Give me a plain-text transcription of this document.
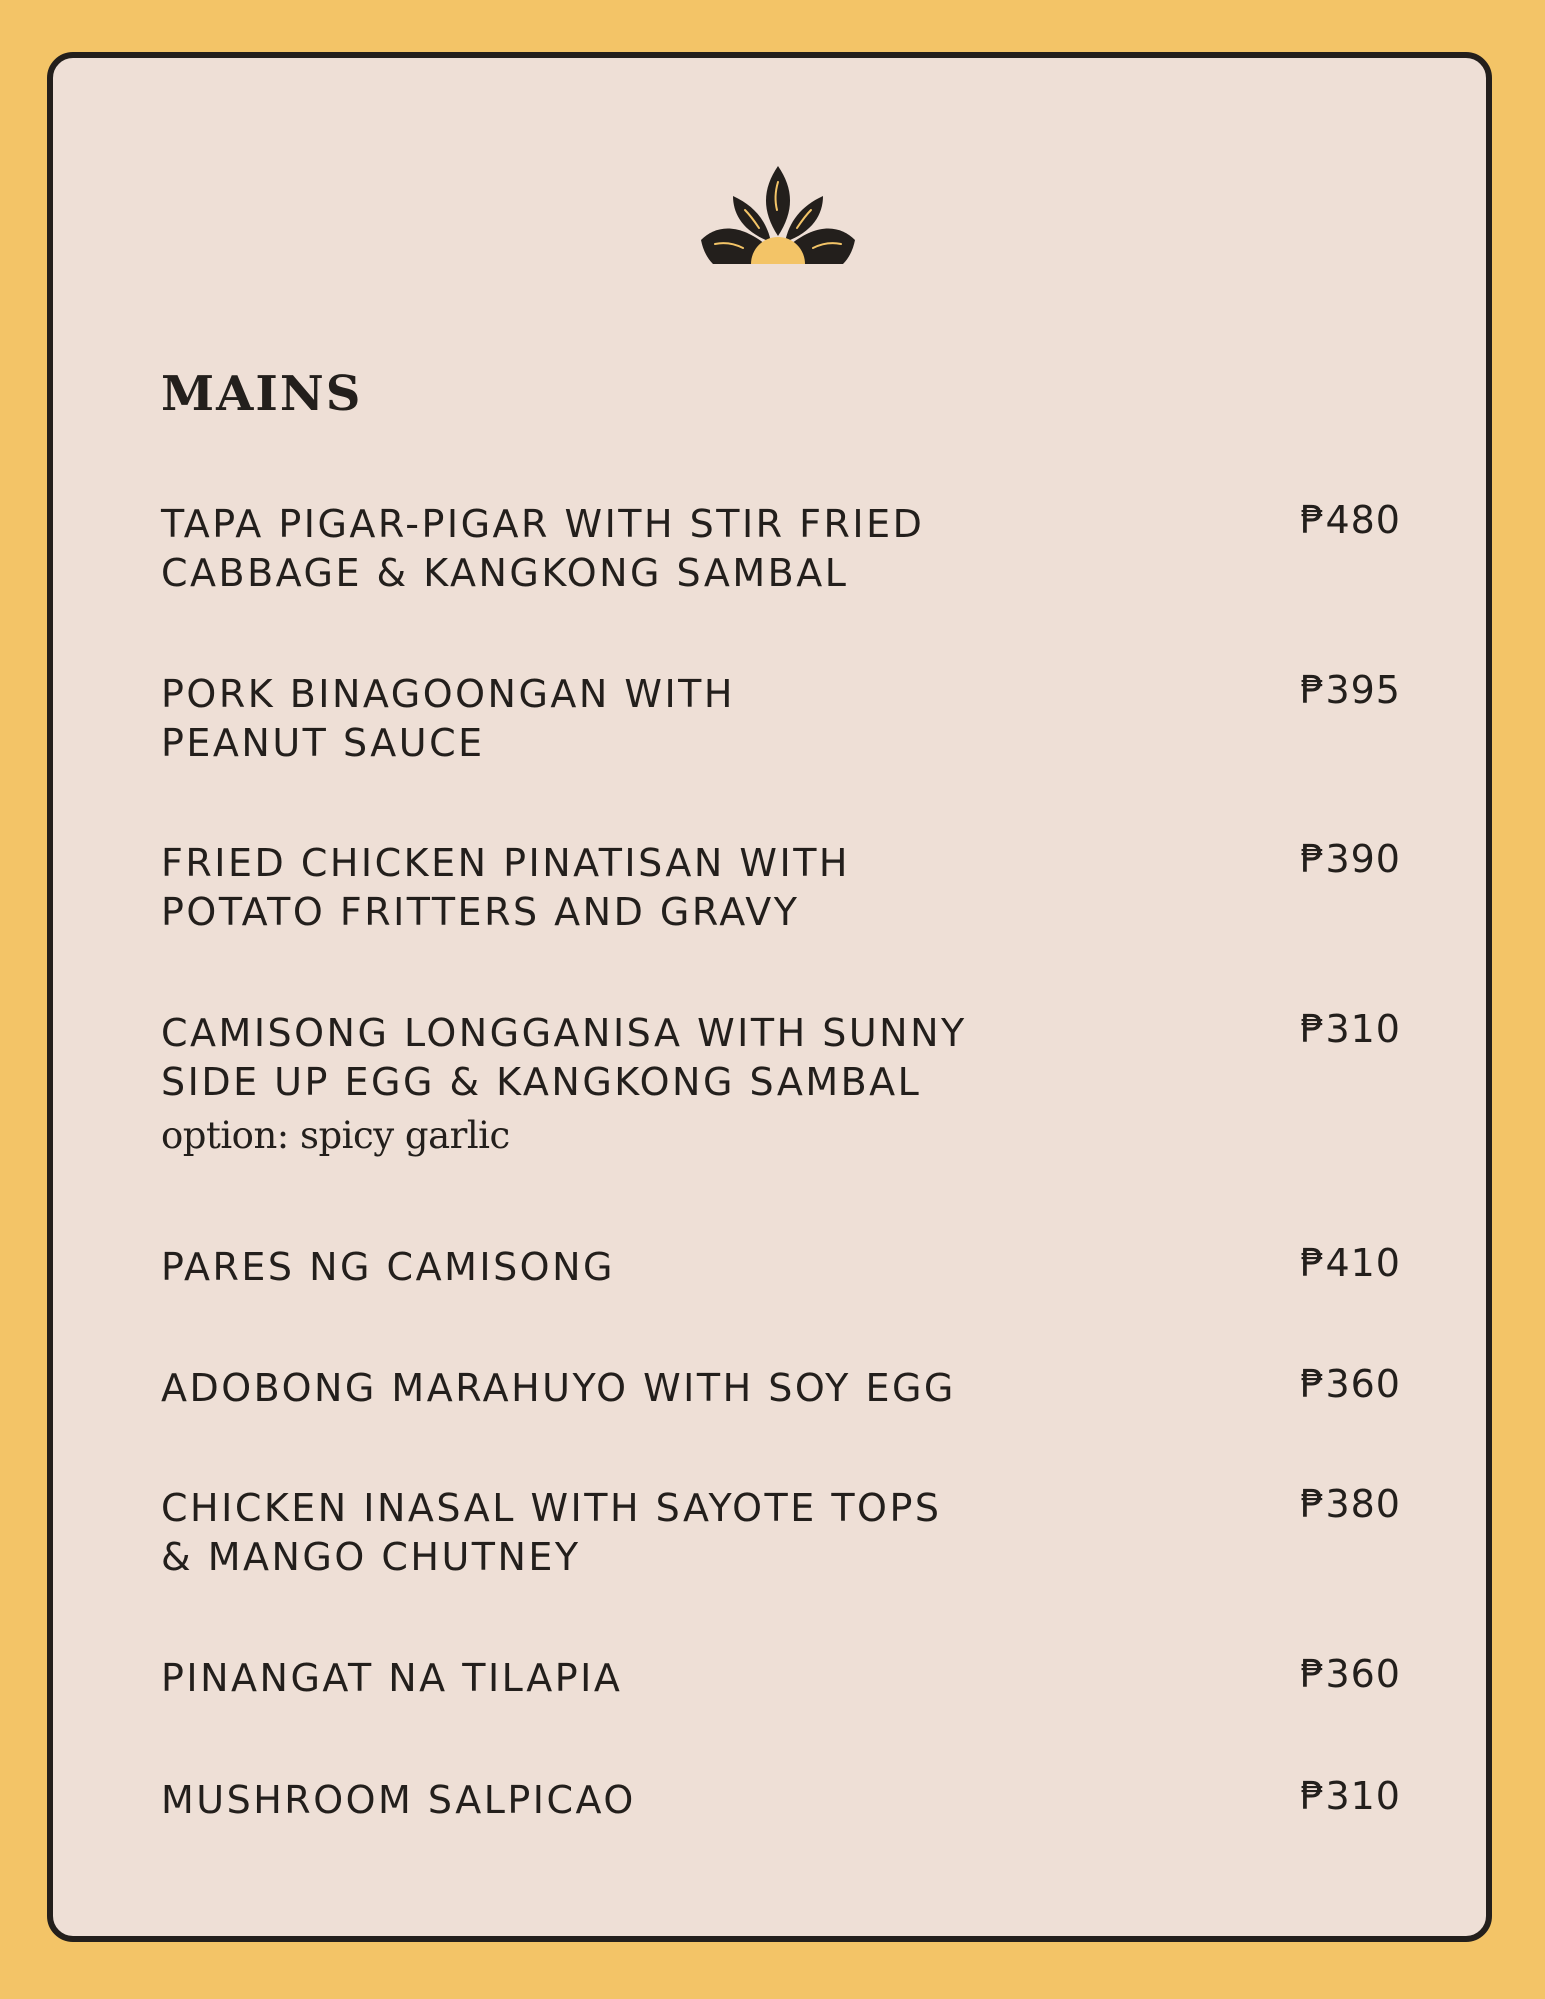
MAINS
TAPA PIGAR-PIGAR WITH STIR FRIED
CABBAGE & KANGKONG SAMBAL
₱480
PORK BINAGOONGAN WITH
PEANUT SAUCE
₱395
FRIED CHICKEN PINATISAN WITH
POTATO FRITTERS AND GRAVY
₱390
CAMISONG LONGGANISA WITH SUNNY
SIDE UP EGG & KANGKONG SAMBAL
option: spicy garlic
₱310
PARES NG CAMISONG	₱410
ADOBONG MARAHUYO WITH SOY EGG	₱360
CHICKEN INASAL WITH SAYOTE TOPS
& MANGO CHUTNEY
₱380
PINANGAT NA TILAPIA	₱360
MUSHROOM SALPICAO	₱310
